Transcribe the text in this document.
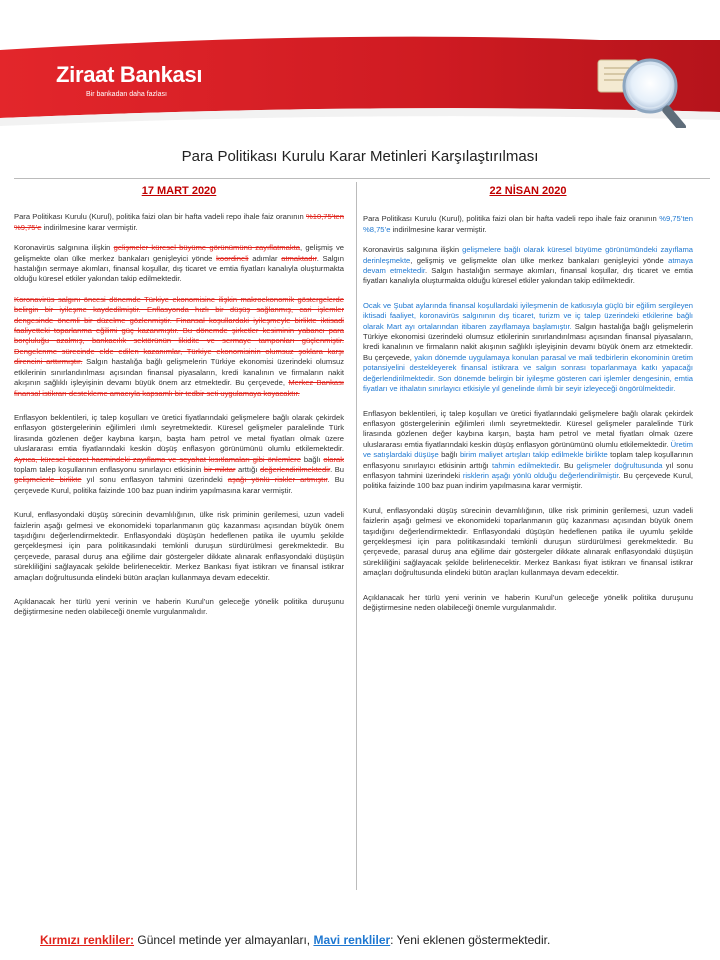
Ziraat Bankası
Bir bankadan daha fazlası
Para Politikası Kurulu Karar Metinleri Karşılaştırılması
17 MART 2020

Para Politikası Kurulu (Kurul), politika faizi olan bir hafta vadeli repo ihale faiz oranının %10,75’ten %9,75’e indirilmesine karar vermiştir.

Koronavirüs salgınına ilişkin gelişmeler küresel büyüme görünümünü zayıflatmakta, gelişmiş ve gelişmekte olan ülke merkez bankaları genişleyici yönde koordineli adımlar atmaktadır. Salgın hastalığın sermaye akımları, finansal koşullar, dış ticaret ve emtia fiyatları kanalıyla oluşturmakta olduğu küresel etkiler yakından takip edilmektedir.

Koronavirüs salgını öncesi dönemde Türkiye ekonomisine ilişkin makroekonomik göstergelerde belirgin bir iyileşme kaydedilmiştir. Enflasyonda hızlı bir düşüş sağlanmış, cari işlemler dengesinde önemli bir düzelme gözlenmiştir. Finansal koşullardaki iyileşmeyle birlikte iktisadi faaliyetteki toparlanma eğilimi güç kazanmıştır. Bu dönemde şirketler kesiminin yabancı para borçluluğu azalmış, bankacılık sektörünün likidite ve sermaye tamponları güçlenmiştir. Dengelenme sürecinde elde edilen kazanımlar, Türkiye ekonomisinin olumsuz şoklara karşı direncini arttırmıştır. Salgın hastalığa bağlı gelişmelerin Türkiye ekonomisi üzerindeki olumsuz etkilerinin sınırlandırılması açısından finansal piyasaların, kredi kanalının ve firmaların nakit akışının sağlıklı işleyişinin devamı büyük önem arz etmektedir. Bu çerçevede, Merkez Bankası finansal istikrarı destekleme amacıyla kapsamlı bir tedbir seti uygulamaya koyacaktır.

Enflasyon beklentileri, iç talep koşulları ve üretici fiyatlarındaki gelişmelere bağlı olarak çekirdek enflasyon göstergelerinin eğilimleri ılımlı seyretmektedir. Küresel gelişmeler paralelinde Türk lirasında gözlenen değer kaybına karşın, başta ham petrol ve metal fiyatları olmak üzere uluslararası emtia fiyatlarındaki keskin düşüş enflasyon görünümünü olumlu etkilemektedir. Ayrıca, küresel ticaret hacmindeki zayıflama ve seyahat kısıtlamaları gibi önlemlere bağlı olarak toplam talep koşullarının enflasyonu sınırlayıcı etkisinin bir miktar arttığı değerlendirilmektedir. Bu gelişmelerle birlikte yıl sonu enflasyon tahmini üzerindeki aşağı yönlü riskler artmıştır. Bu çerçevede Kurul, politika faizinde 100 baz puan indirim yapılmasına karar vermiştir.

Kurul, enflasyondaki düşüş sürecinin devamlılığının, ülke risk priminin gerilemesi, uzun vadeli faizlerin aşağı gelmesi ve ekonomideki toparlanmanın güç kazanması açısından büyük önem taşıdığını değerlendirmektedir. Enflasyondaki düşüşün hedeflenen patika ile uyumlu şekilde gerçekleşmesi için para politikasındaki temkinli duruşun sürdürülmesi gerekmektedir. Bu çerçevede, parasal duruş ana eğilime dair göstergeler dikkate alınarak enflasyondaki düşüşün sürekliliğini sağlayacak şekilde belirlenecektir. Merkez Bankası fiyat istikrarı ve finansal istikrar amaçları doğrultusunda elindeki bütün araçları kullanmaya devam edecektir.

Açıklanacak her türlü yeni verinin ve haberin Kurul’un geleceğe yönelik politika duruşunu değiştirmesine neden olabileceği önemle vurgulanmalıdır.

22 NİSAN 2020

Para Politikası Kurulu (Kurul), politika faizi olan bir hafta vadeli repo ihale faiz oranının %9,75’ten %8,75’e indirilmesine karar vermiştir.

Koronavirüs salgınına ilişkin gelişmelere bağlı olarak küresel büyüme görünümündeki zayıflama derinleşmekte, gelişmiş ve gelişmekte olan ülke merkez bankaları genişleyici yönde atmaya devam etmektedir. Salgın hastalığın sermaye akımları, finansal koşullar, dış ticaret ve emtia fiyatları kanalıyla oluşturmakta olduğu küresel etkiler yakından takip edilmektedir.

Ocak ve Şubat aylarında finansal koşullardaki iyileşmenin de katkısıyla güçlü bir eğilim sergileyen iktisadi faaliyet, koronavirüs salgınının dış ticaret, turizm ve iç talep üzerindeki etkilerine bağlı olarak Mart ayı ortalarından itibaren zayıflamaya başlamıştır. Salgın hastalığa bağlı gelişmelerin Türkiye ekonomisi üzerindeki olumsuz etkilerinin sınırlandırılması açısından finansal piyasaların, kredi kanalının ve firmaların nakit akışının sağlıklı işleyişinin devamı büyük önem arz etmektedir. Bu çerçevede, yakın dönemde uygulamaya konulan parasal ve mali tedbirlerin ekonominin üretim potansiyelini destekleyerek finansal istikrara ve salgın sonrası toparlanmaya katkı yapacağı değerlendirilmektedir. Son dönemde belirgin bir iyileşme gösteren cari işlemler dengesinin, emtia fiyatları ve ithalatın sınırlayıcı etkisiyle yıl genelinde ılımlı bir seyir izleyeceği öngörülmektedir.

Enflasyon beklentileri, iç talep koşulları ve üretici fiyatlarındaki gelişmelere bağlı olarak çekirdek enflasyon göstergelerinin eğilimleri ılımlı seyretmektedir. Küresel gelişmeler paralelinde Türk lirasında gözlenen değer kaybına karşın, başta ham petrol ve metal fiyatları olmak üzere uluslararası emtia fiyatlarındaki keskin düşüş enflasyon görünümünü olumlu etkilemektedir. Üretim ve satışlardaki düşüşe bağlı birim maliyet artışları takip edilmekle birlikte toplam talep koşullarının enflasyonu sınırlayıcı etkisinin arttığı tahmin edilmektedir. Bu gelişmeler doğrultusunda yıl sonu enflasyon tahmini üzerindeki risklerin aşağı yönlü olduğu değerlendirilmiştir. Bu çerçevede Kurul, politika faizinde 100 baz puan indirim yapılmasına karar vermiştir.

Kurul, enflasyondaki düşüş sürecinin devamlılığının, ülke risk priminin gerilemesi, uzun vadeli faizlerin aşağı gelmesi ve ekonomideki toparlanmanın güç kazanması açısından büyük önem taşıdığını değerlendirmektedir. Enflasyondaki düşüşün hedeflenen patika ile uyumlu şekilde gerçekleşmesi için para politikasındaki temkinli duruşun sürdürülmesi gerekmektedir. Bu çerçevede, parasal duruş ana eğilime dair göstergeler dikkate alınarak enflasyondaki düşüşün sürekliliğini sağlayacak şekilde belirlenecektir. Merkez Bankası fiyat istikrarı ve finansal istikrar amaçları doğrultusunda elindeki bütün araçları kullanmaya devam edecektir.

Açıklanacak her türlü yeni verinin ve haberin Kurul’un geleceğe yönelik politika duruşunu değiştirmesine neden olabileceği önemle vurgulanmalıdır.

Kırmızı renkliler: Güncel metinde yer almayanları, Mavi renkliler: Yeni eklenen göstermektedir.
